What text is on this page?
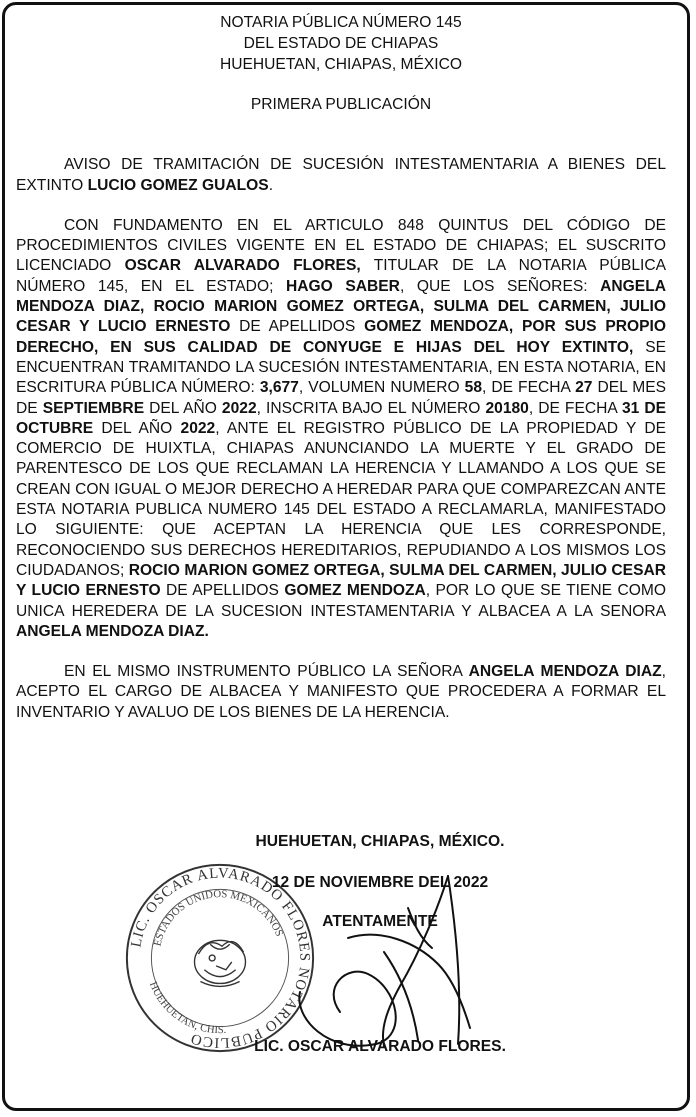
NOTARIA PÚBLICA NÚMERO 145
DEL ESTADO DE CHIAPAS
HUEHUETAN, CHIAPAS, MÉXICO
PRIMERA PUBLICACIÓN
AVISO DE TRAMITACIÓN DE SUCESIÓN INTESTAMENTARIA A BIENES DEL EXTINTO LUCIO GOMEZ GUALOS.
CON FUNDAMENTO EN EL ARTICULO 848 QUINTUS DEL CÓDIGO DE PROCEDIMIENTOS CIVILES VIGENTE EN EL ESTADO DE CHIAPAS; EL SUSCRITO LICENCIADO OSCAR ALVARADO FLORES, TITULAR DE LA NOTARIA PÚBLICA NÚMERO 145, EN EL ESTADO; HAGO SABER, QUE LOS SEÑORES: ANGELA MENDOZA DIAZ, ROCIO MARION GOMEZ ORTEGA, SULMA DEL CARMEN, JULIO CESAR Y LUCIO ERNESTO DE APELLIDOS GOMEZ MENDOZA, POR SUS PROPIO DERECHO, EN SUS CALIDAD DE CONYUGE E HIJAS DEL HOY EXTINTO, SE ENCUENTRAN TRAMITANDO LA SUCESIÓN INTESTAMENTARIA, EN ESTA NOTARIA, EN ESCRITURA PÚBLICA NÚMERO: 3,677, VOLUMEN NUMERO 58, DE FECHA 27 DEL MES DE SEPTIEMBRE DEL AÑO 2022, INSCRITA BAJO EL NÚMERO 20180, DE FECHA 31 DE OCTUBRE DEL AÑO 2022, ANTE EL REGISTRO PÚBLICO DE LA PROPIEDAD Y DE COMERCIO DE HUIXTLA, CHIAPAS ANUNCIANDO LA MUERTE Y EL GRADO DE PARENTESCO DE LOS QUE RECLAMAN LA HERENCIA Y LLAMANDO A LOS QUE SE CREAN CON IGUAL O MEJOR DERECHO A HEREDAR PARA QUE COMPAREZCAN ANTE ESTA NOTARIA PUBLICA NUMERO 145 DEL ESTADO A RECLAMARLA, MANIFESTADO LO SIGUIENTE: QUE ACEPTAN LA HERENCIA QUE LES CORRESPONDE, RECONOCIENDO SUS DERECHOS HEREDITARIOS, REPUDIANDO A LOS MISMOS LOS CIUDADANOS; ROCIO MARION GOMEZ ORTEGA, SULMA DEL CARMEN, JULIO CESAR Y LUCIO ERNESTO DE APELLIDOS GOMEZ MENDOZA, POR LO QUE SE TIENE COMO UNICA HEREDERA DE LA SUCESION INTESTAMENTARIA Y ALBACEA A LA SENORA ANGELA MENDOZA DIAZ.
EN EL MISMO INSTRUMENTO PÚBLICO LA SEÑORA ANGELA MENDOZA DIAZ, ACEPTO EL CARGO DE ALBACEA Y MANIFESTO QUE PROCEDERA A FORMAR EL INVENTARIO Y AVALUO DE LOS BIENES DE LA HERENCIA.
LIC. OSCAR ALVARADO FLORES NOTARIO PUBLICO
ESTADOS UNIDOS MEXICANOS
HUEHUETAN, CHIS.
HUEHUETAN, CHIAPAS, MÉXICO.
12 DE NOVIEMBRE DEL 2022
ATENTAMENTE
LIC. OSCAR ALVARADO FLORES.
